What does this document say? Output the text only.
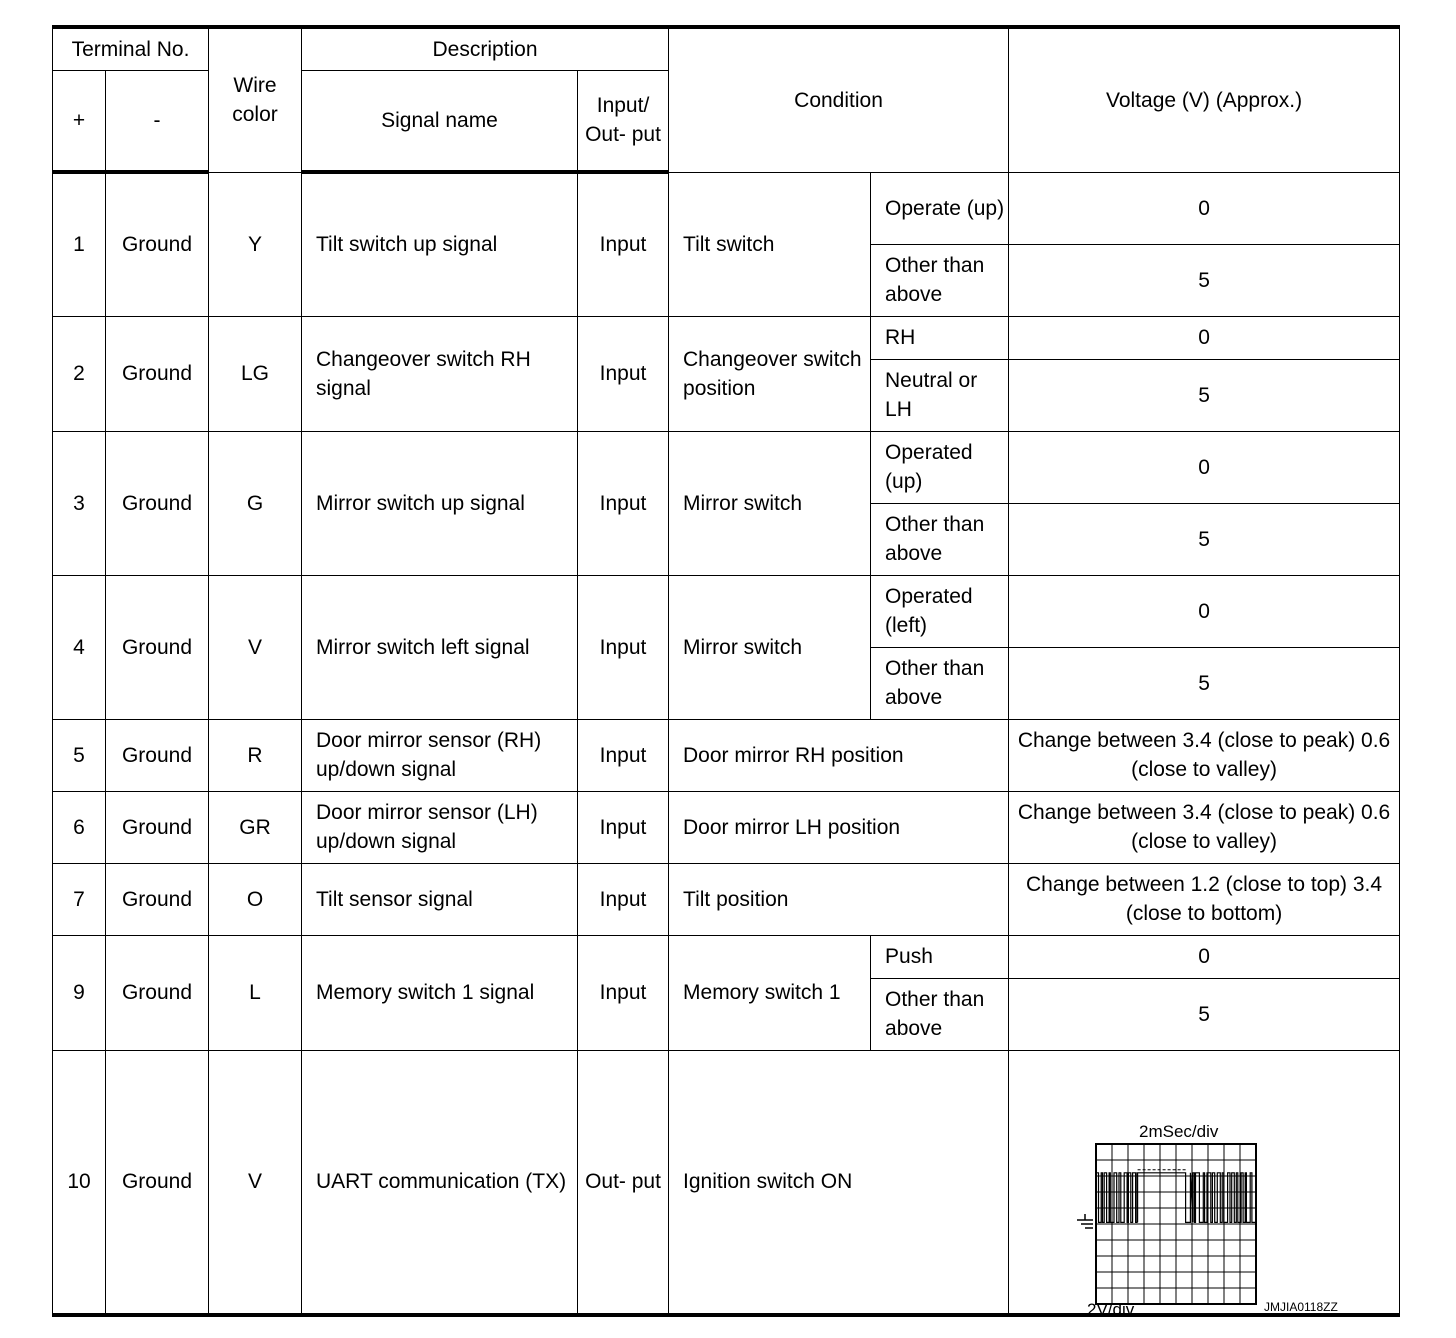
Terminal No.		Wire color	Description		Condition		Voltage (V) (Approx.)
+	-		Signal name	Input/ Out- put			
1	Ground	Y	Tilt switch up signal	Input	Tilt switch	Operate (up)	0
						Other than above	5
2	Ground	LG	Changeover switch RH signal	Input	Changeover switch position	RH	0
						Neutral or LH	5
3	Ground	G	Mirror switch up signal	Input	Mirror switch	Operated (up)	0
						Other than above	5
4	Ground	V	Mirror switch left signal	Input	Mirror switch	Operated (left)	0
						Other than above	5
5	Ground	R	Door mirror sensor (RH) up/down signal	Input	Door mirror RH position		Change between 3.4 (close to peak) 0.6 (close to valley)
6	Ground	GR	Door mirror sensor (LH) up/down signal	Input	Door mirror LH position		Change between 3.4 (close to peak) 0.6 (close to valley)
7	Ground	O	Tilt sensor signal	Input	Tilt position		Change between 1.2 (close to top) 3.4 (close to bottom)
9	Ground	L	Memory switch 1 signal	Input	Memory switch 1	Push	0
						Other than above	5
10	Ground	V	UART communication (TX)	Out- put	Ignition switch ON		2mSec/div
2V/div JMJIA0118ZZ
